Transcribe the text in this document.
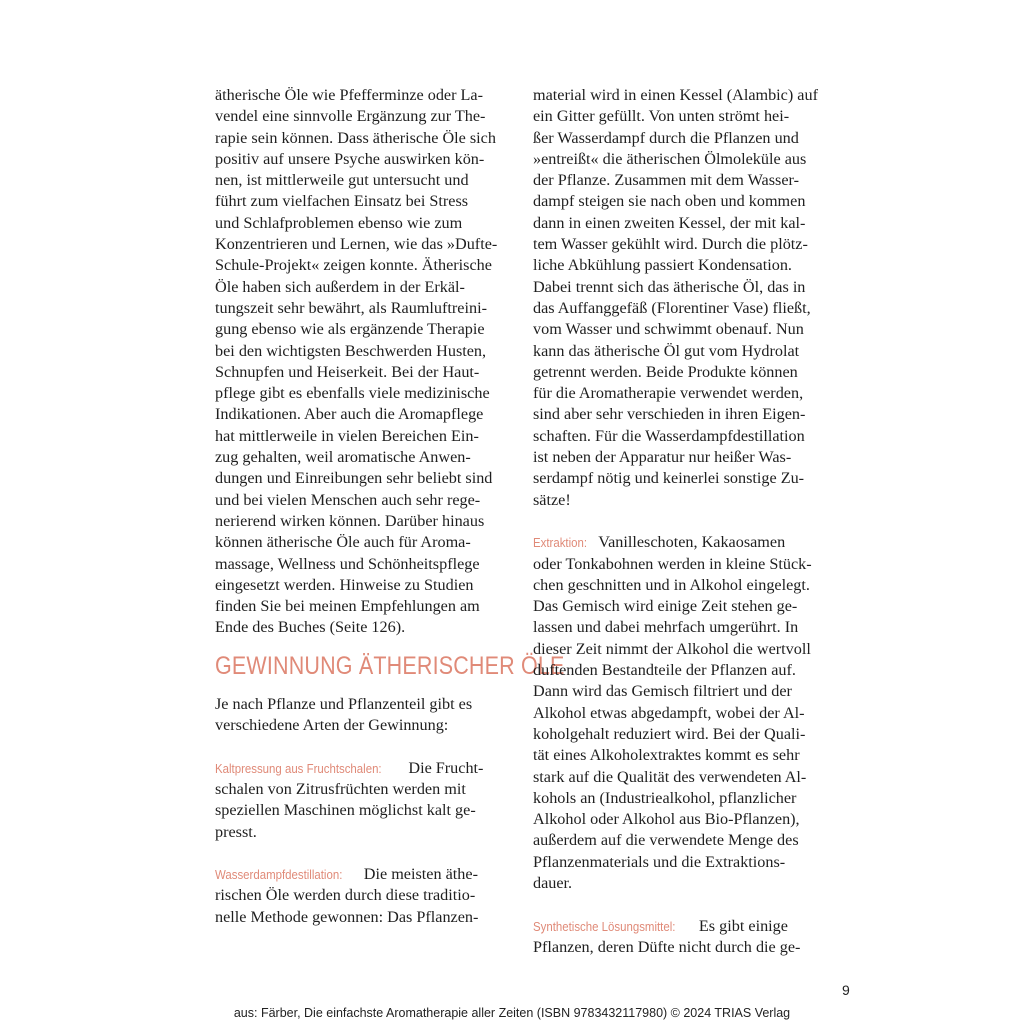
ätherische Öle wie Pfefferminze oder La-
vendel eine sinnvolle Ergänzung zur The-
rapie sein können. Dass ätherische Öle sich
positiv auf unsere Psyche auswirken kön-
nen, ist mittlerweile gut untersucht und
führt zum vielfachen Einsatz bei Stress
und Schlafproblemen ebenso wie zum
Konzentrieren und Lernen, wie das »Dufte-
Schule-Projekt« zeigen konnte. Ätherische
Öle haben sich außerdem in der Erkäl-
tungszeit sehr bewährt, als Raumluftreini-
gung ebenso wie als ergänzende Therapie
bei den wichtigsten Beschwerden Husten,
Schnupfen und Heiserkeit. Bei der Haut-
pflege gibt es ebenfalls viele medizinische
Indikationen. Aber auch die Aromapflege
hat mittlerweile in vielen Bereichen Ein-
zug gehalten, weil aromatische Anwen-
dungen und Einreibungen sehr beliebt sind
und bei vielen Menschen auch sehr rege-
nerierend wirken können. Darüber hinaus
können ätherische Öle auch für Aroma-
massage, Wellness und Schönheitspflege
eingesetzt werden. Hinweise zu Studien
finden Sie bei meinen Empfehlungen am
Ende des Buches (Seite 126).
GEWINNUNG ÄTHERISCHER ÖLE
Je nach Pflanze und Pflanzenteil gibt es
verschiedene Arten der Gewinnung:
Kaltpressung aus Fruchtschalen: Die Frucht-
schalen von Zitrusfrüchten werden mit
speziellen Maschinen möglichst kalt ge-
presst.
Wasserdampfdestillation: Die meisten äthe-
rischen Öle werden durch diese traditio-
nelle Methode gewonnen: Das Pflanzen-
material wird in einen Kessel (Alambic) auf
ein Gitter gefüllt. Von unten strömt hei-
ßer Wasserdampf durch die Pflanzen und
»entreißt« die ätherischen Ölmoleküle aus
der Pflanze. Zusammen mit dem Wasser-
dampf steigen sie nach oben und kommen
dann in einen zweiten Kessel, der mit kal-
tem Wasser gekühlt wird. Durch die plötz-
liche Abkühlung passiert Kondensation.
Dabei trennt sich das ätherische Öl, das in
das Auffanggefäß (Florentiner Vase) fließt,
vom Wasser und schwimmt obenauf. Nun
kann das ätherische Öl gut vom Hydrolat
getrennt werden. Beide Produkte können
für die Aromatherapie verwendet werden,
sind aber sehr verschieden in ihren Eigen-
schaften. Für die Wasserdampfdestillation
ist neben der Apparatur nur heißer Was-
serdampf nötig und keinerlei sonstige Zu-
sätze!
Extraktion: Vanilleschoten, Kakaosamen
oder Tonkabohnen werden in kleine Stück-
chen geschnitten und in Alkohol eingelegt.
Das Gemisch wird einige Zeit stehen ge-
lassen und dabei mehrfach umgerührt. In
dieser Zeit nimmt der Alkohol die wertvoll
duftenden Bestandteile der Pflanzen auf.
Dann wird das Gemisch filtriert und der
Alkohol etwas abgedampft, wobei der Al-
koholgehalt reduziert wird. Bei der Quali-
tät eines Alkoholextraktes kommt es sehr
stark auf die Qualität des verwendeten Al-
kohols an (Industriealkohol, pflanzlicher
Alkohol oder Alkohol aus Bio-Pflanzen),
außerdem auf die verwendete Menge des
Pflanzenmaterials und die Extraktions-
dauer.
Synthetische Lösungsmittel: Es gibt einige
Pflanzen, deren Düfte nicht durch die ge-
9
aus: Färber, Die einfachste Aromatherapie aller Zeiten (ISBN 9783432117980) © 2024 TRIAS Verlag
